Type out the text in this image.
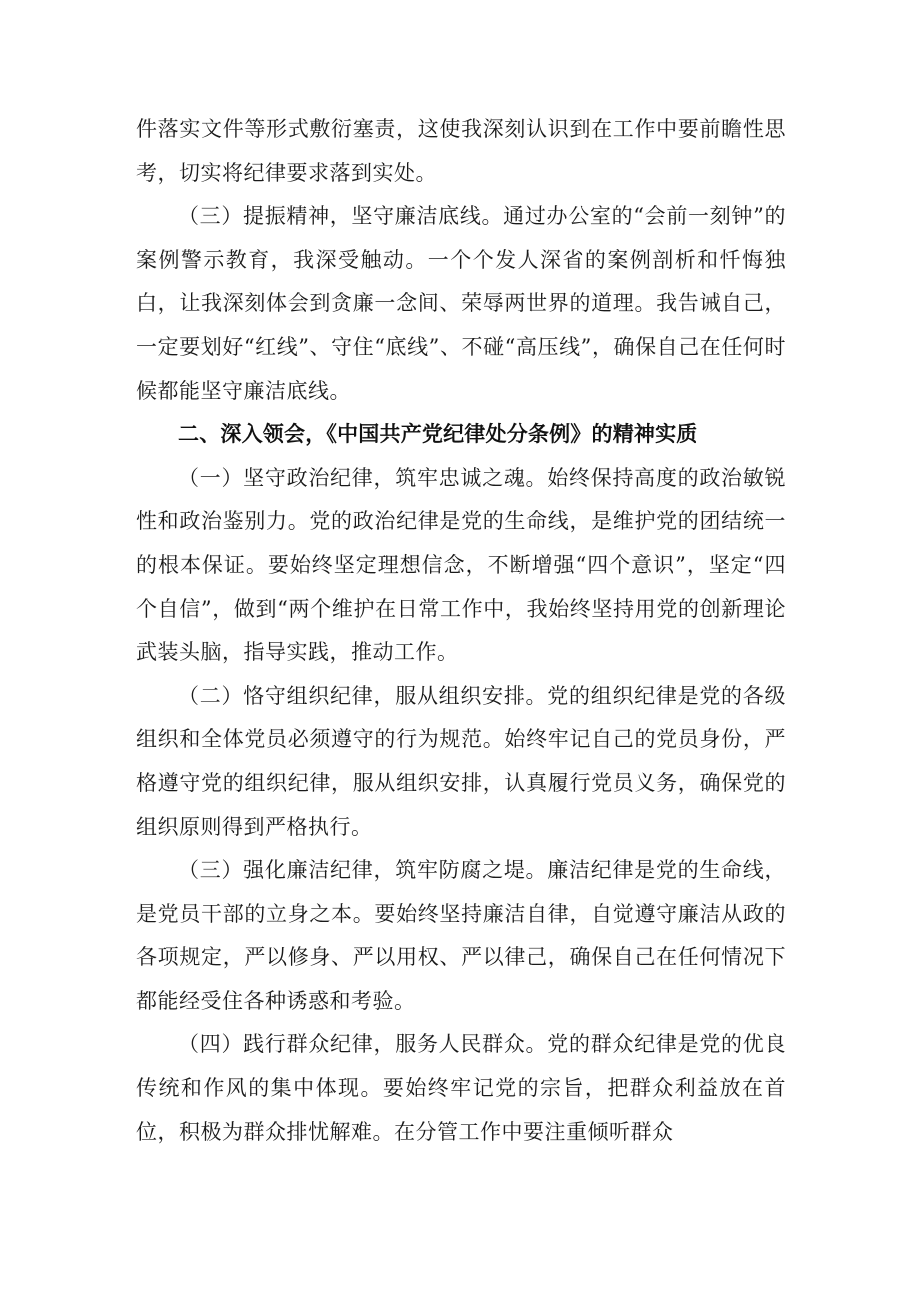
件落实文件等形式敷衍塞责，这使我深刻认识到在工作中要前瞻性思考，切实将纪律要求落到实处。

（三）提振精神，坚守廉洁底线。通过办公室的“会前一刻钟”的案例警示教育，我深受触动。一个个发人深省的案例剖析和忏悔独白，让我深刻体会到贪廉一念间、荣辱两世界的道理。我告诫自己，一定要划好“红线”、守住“底线”、不碰“高压线”，确保自己在任何时候都能坚守廉洁底线。

二、深入领会，《中国共产党纪律处分条例》的精神实质

（一）坚守政治纪律，筑牢忠诚之魂。始终保持高度的政治敏锐性和政治鉴别力。党的政治纪律是党的生命线，是维护党的团结统一的根本保证。要始终坚定理想信念，不断增强“四个意识”，坚定“四个自信”，做到“两个维护在日常工作中，我始终坚持用党的创新理论武装头脑，指导实践，推动工作。

（二）恪守组织纪律，服从组织安排。党的组织纪律是党的各级组织和全体党员必须遵守的行为规范。始终牢记自己的党员身份，严格遵守党的组织纪律，服从组织安排，认真履行党员义务，确保党的组织原则得到严格执行。

（三）强化廉洁纪律，筑牢防腐之堤。廉洁纪律是党的生命线，是党员干部的立身之本。要始终坚持廉洁自律，自觉遵守廉洁从政的各项规定，严以修身、严以用权、严以律己，确保自己在任何情况下都能经受住各种诱惑和考验。

（四）践行群众纪律，服务人民群众。党的群众纪律是党的优良传统和作风的集中体现。要始终牢记党的宗旨，把群众利益放在首位，积极为群众排忧解难。在分管工作中要注重倾听群众
